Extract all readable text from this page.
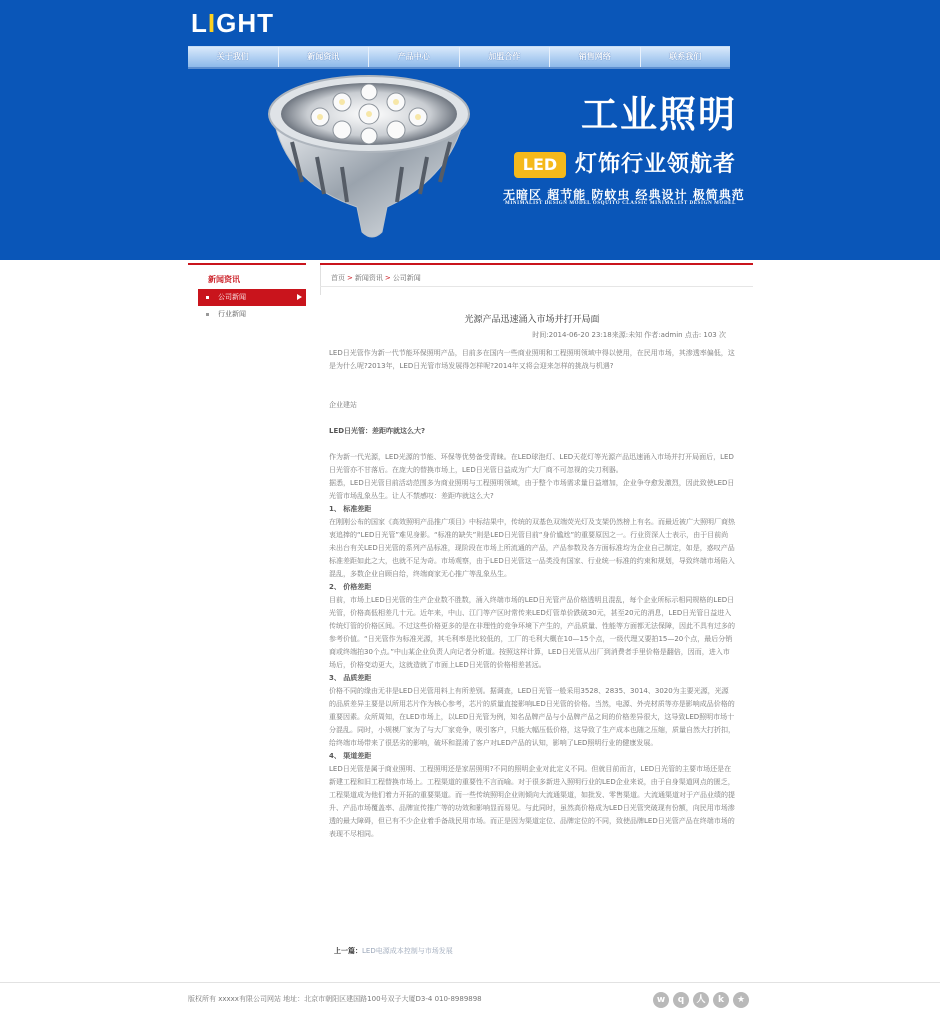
LIGHT
关于我们	新闻资讯	产品中心	加盟合作	销售网络	联系我们
工业照明
LED 灯饰行业领航者
无暗区 超节能 防蚊虫 经典设计 极简典范
MINIMALIST DESIGN MODEL OSQUITO CLASSIC MINIMALIST DESIGN MODEL
新闻资讯
公司新闻
行业新闻
首页 > 新闻资讯 > 公司新闻
光源产品迅速涌入市场并打开局面
时间:2014-06-20 23:18来源:未知 作者:admin 点击: 103 次

LED日光管作为新一代节能环保照明产品，目前多在国内一些商业照明和工程照明领域中得以使用，在民用市场，其渗透率偏低，这是为什么呢?2013年，LED日光管市场发展得怎样呢?2014年又将会迎来怎样的挑战与机遇?

企业建站

LED日光管：差距咋就这么大?

作为新一代光源，LED光源的节能、环保等优势备受青睐。在LED球泡灯、LED天花灯等光源产品迅速涌入市场并打开局面后，LED日光管亦不甘落后。在庞大的替换市场上，LED日光管日益成为广大厂商不可忽视的尖刀利器。

据悉，LED日光管目前活动范围多为商业照明与工程照明领域，由于整个市场需求量日益增加，企业争夺愈发激烈，因此致使LED日光管市场乱象丛生。让人不禁感叹：差距咋就这么大?

1、 标准差距

在刚刚公布的国家《高效照明产品推广项目》中标结果中，传统的双基色双端荧光灯及支架仍然榜上有名。而最近被广大照明厂商热衷追捧的“LED日光管”难见身影。“标准的缺失”则是LED日光管目前“身价尴尬”的重要原因之一。行业资深人士表示，由于目前尚未出台有关LED日光管的系列产品标准，现阶段在市场上所流通的产品，产品参数及各方面标准均为企业自己制定，如是，惑叹产品标准差距如此之大，也就不足为奇。市场观察，由于LED日光管这一品类没有国家、行业统一标准的约束和规划，导致终端市场陷入混乱，多数企业自顾自给，终端商家无心推广等乱象丛生。

2、 价格差距

目前，市场上LED日光管的生产企业数不胜数，涌入终端市场的LED日光管产品价格透明且混乱，每个企业所标示相同规格的LED日光管，价格高低相差几十元。近年来，中山、江门等产区时常传来LED灯管单价跌破30元，甚至20元的消息，LED日光管日益进入传统灯管的价格区间。不过这些价格更多的是在非理性的竞争环境下产生的，产品质量、性能等方面都无法保障，因此不具有过多的参考价值。“日光管作为标准光源，其毛利率是比较低的，工厂的毛利大概在10—15个点，一级代理又要拍15—20个点，最后分销商或终端拍30个点。”中山某企业负责人向记者分析道。按照这样计算，LED日光管从出厂到消费者手里价格是翻倍，因而，进入市场后，价格变动更大，这就造就了市面上LED日光管的价格相差甚远。

3、 品质差距

价格不同的缘由无非是LED日光管用料上有所差别。据调查，LED日光管一般采用3528、2835、3014、3020为主要光源，光源的品质差异主要是以所用芯片作为核心参考，芯片的质量直接影响LED日光管的价格。当然，电源、外壳材质等亦是影响成品价格的重要因素。众所周知，在LED市场上，以LED日光管为例，知名品牌产品与小品牌产品之间的价格差异很大，这导致LED照明市场十分混乱。同时，小规模厂家为了与大厂家竞争，吸引客户，只能大幅压低价格，这导致了生产成本也随之压缩，质量自然大打折扣，给终端市场带来了很恶劣的影响，破坏和混淆了客户对LED产品的认知，影响了LED照明行业的健康发展。

4、 渠道差距

LED日光管是属于商业照明、工程照明还是家居照明?不同的照明企业对此定义不同。但就目前而言，LED日光管的主要市场还是在新建工程和旧工程替换市场上。工程渠道的重要性不言而喻。对于很多新进入照明行业的LED企业来说，由于自身渠道网点的匮乏，工程渠道成为他们着力开拓的重要渠道。而一些传统照明企业则倾向大流通渠道，如批发、零售渠道。大流通渠道对于产品业绩的提升、产品市场覆盖率、品牌宣传推广等的功效和影响显而易见。与此同时，虽然高价格成为LED日光管突破现有份额，向民用市场渗透的最大障碍，但已有不少企业着手备战民用市场。而正是因为渠道定位、品牌定位的不同，致使品牌LED日光管产品在终端市场的表现不尽相同。

上一篇：LED电源成本控制与市场发展
版权所有 xxxxx有限公司网站 地址：北京市朝阳区建国路100号双子大厦D3-4 010-8989898	w	q	人	k	★
